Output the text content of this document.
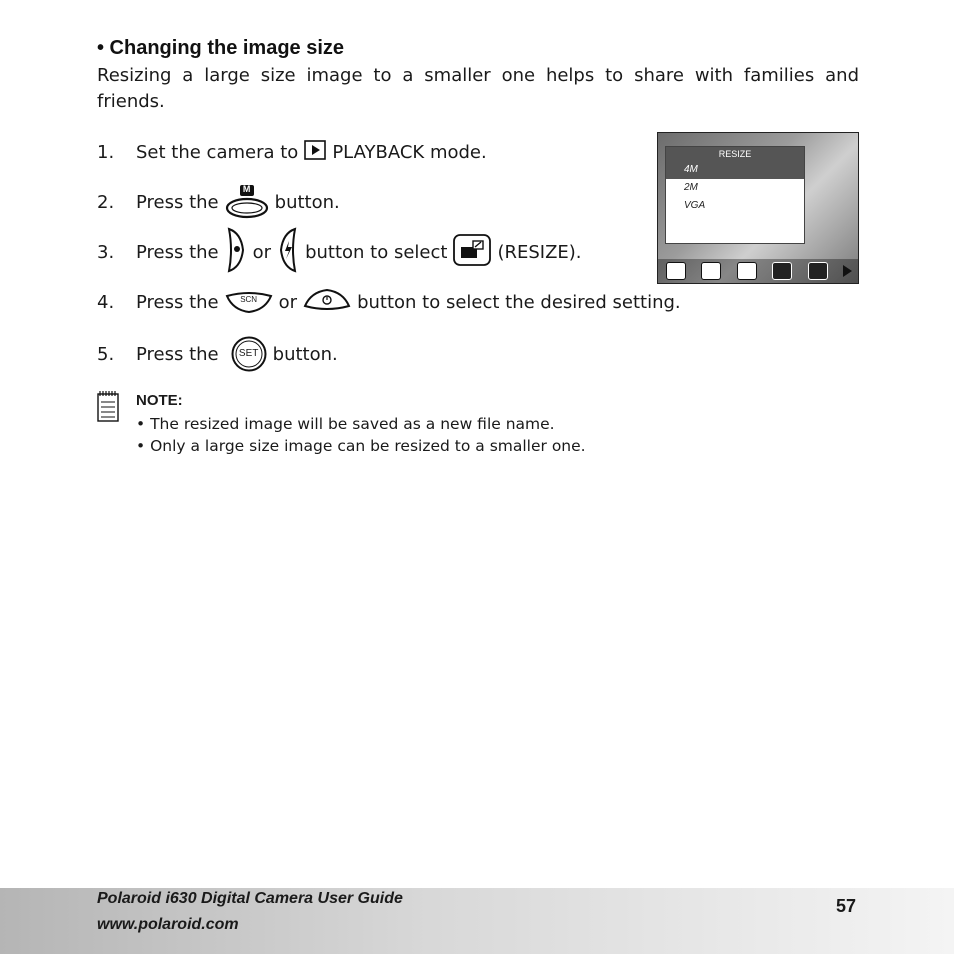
• Changing the image size
Resizing a large size image to a smaller one helps to share with families and friends.
1.	Set the camera to PLAYBACK mode.
2.	Press the
M
button.
3.	Press the or button to select	(RESIZE).
4.	Press the	SCN	or	button to select the desired setting.
5.	Press the	SET button.
NOTE:
• The resized image will be saved as a new file name.
• Only a large size image can be resized to a smaller one.
RESIZE
4M
2M
VGA
Polaroid i630 Digital Camera User Guide
www.polaroid.com
57
